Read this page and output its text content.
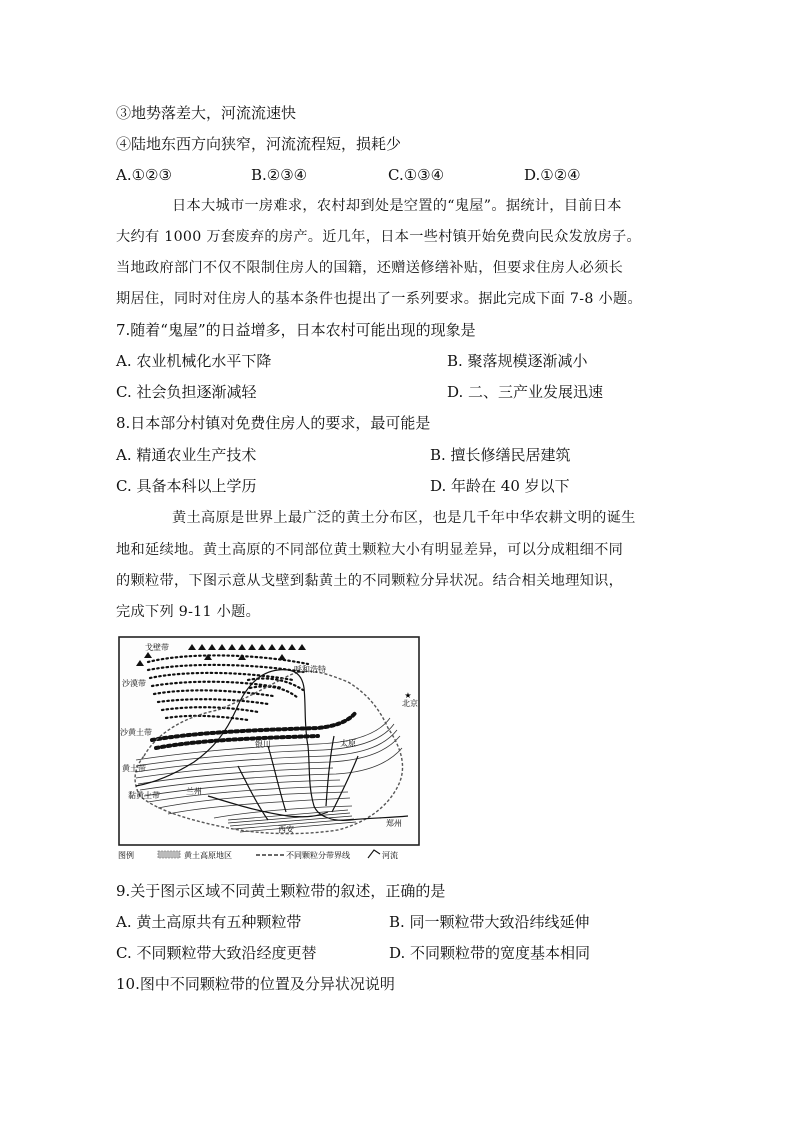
③地势落差大，河流流速快
④陆地东西方向狭窄，河流流程短，损耗少
A.①②③	B.②③④	C.①③④	D.①②④
日本大城市一房难求，农村却到处是空置的“鬼屋”。据统计，目前日本
大约有 1000 万套废弃的房产。近几年，日本一些村镇开始免费向民众发放房子。
当地政府部门不仅不限制住房人的国籍，还赠送修缮补贴，但要求住房人必须长
期居住，同时对住房人的基本条件也提出了一系列要求。据此完成下面 7-8 小题。
7.随着“鬼屋”的日益增多，日本农村可能出现的现象是
A. 农业机械化水平下降	B. 聚落规模逐渐减小
C. 社会负担逐渐减轻	D. 二、三产业发展迅速
8.日本部分村镇对免费住房人的要求，最可能是
A. 精通农业生产技术	B. 擅长修缮民居建筑
C. 具备本科以上学历	D. 年龄在 40 岁以下
黄土高原是世界上最广泛的黄土分布区，也是几千年中华农耕文明的诞生
地和延续地。黄土高原的不同部位黄土颗粒大小有明显差异，可以分成粗细不同
的颗粒带，下图示意从戈壁到黏黄土的不同颗粒分异状况。结合相关地理知识，
完成下列 9-11 小题。
戈壁带
沙漠带
沙黄土带
黄土带
黏黄土带
呼和浩特
北京
★
银川	太原
兰州
西安
郑州
图例	黄土高原地区	不同颗粒分带界线	河流
9.关于图示区域不同黄土颗粒带的叙述，正确的是
A. 黄土高原共有五种颗粒带	B. 同一颗粒带大致沿纬线延伸
C. 不同颗粒带大致沿经度更替	D. 不同颗粒带的宽度基本相同
10.图中不同颗粒带的位置及分异状况说明
